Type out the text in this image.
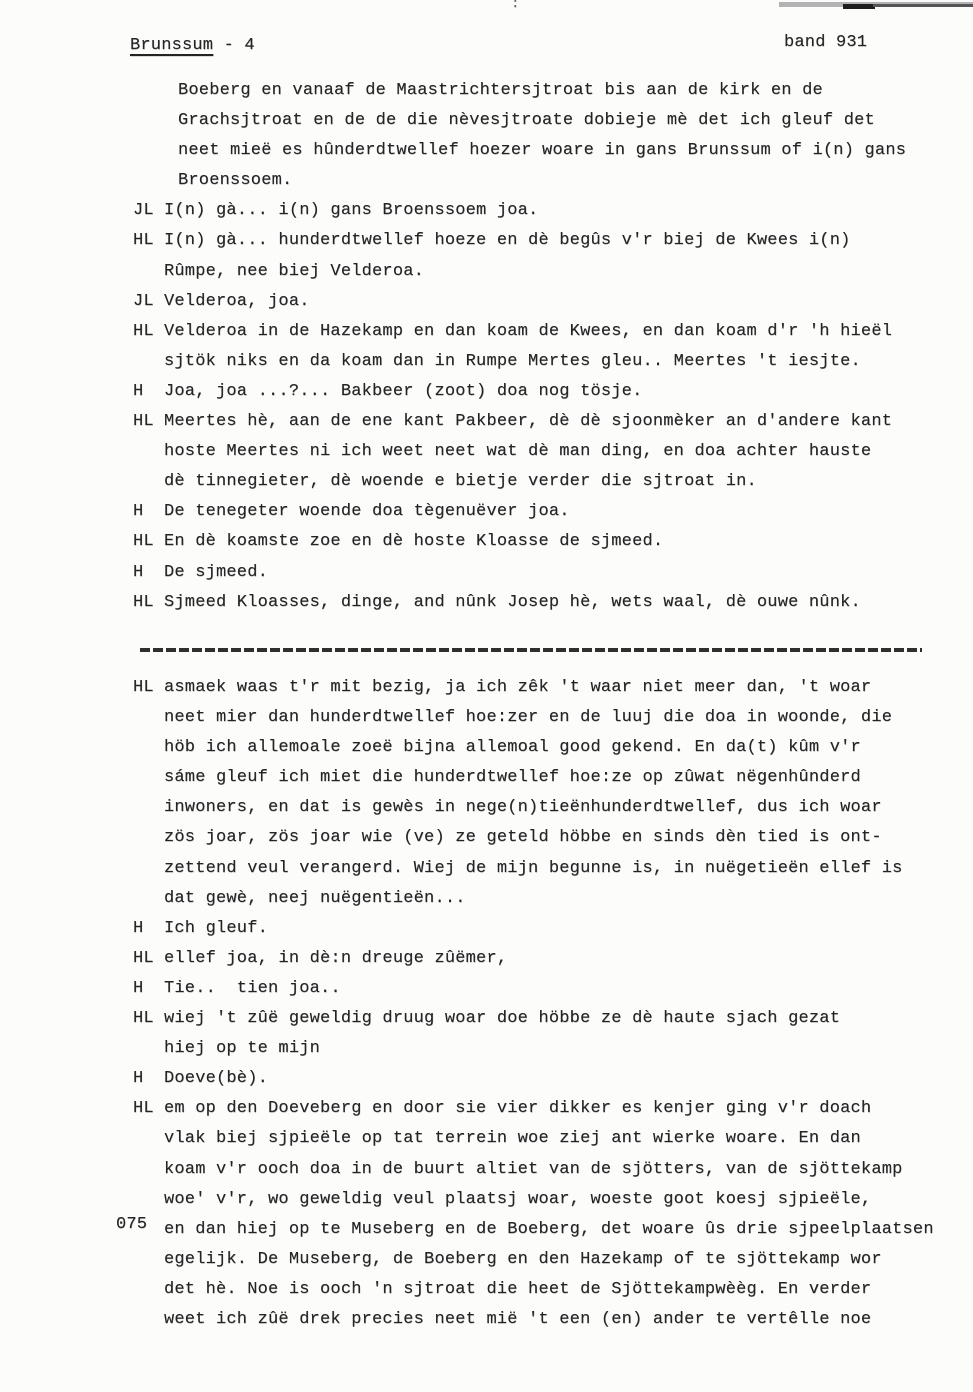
:
Brunssum - 4	band 931
Boeberg en vanaaf de Maastrichtersjtroat bis aan de kirk en de
Grachsjtroat en de de die nèvesjtroate dobieje mè det ich gleuf det
neet mieë es hûnderdtwellef hoezer woare in gans Brunssum of i(n) gans
Broenssoem.
JL I(n) gà... i(n) gans Broenssoem joa.
HL I(n) gà... hunderdtwellef hoeze en dè begûs v'r biej de Kwees i(n)
Rûmpe, nee biej Velderoa.
JL Velderoa, joa.
HL Velderoa in de Hazekamp en dan koam de Kwees, en dan koam d'r 'h hieël
sjtök niks en da koam dan in Rumpe Mertes gleu.. Meertes 't iesjte.
H Joa, joa ...?... Bakbeer (zoot) doa nog tösje.
HL Meertes hè, aan de ene kant Pakbeer, dè dè sjoonmèker an d'andere kant
hoste Meertes ni ich weet neet wat dè man ding, en doa achter hauste
dè tinnegieter, dè woende e bietje verder die sjtroat in.
H De tenegeter woende doa tègenuëver joa.
HL En dè koamste zoe en dè hoste Kloasse de sjmeed.
H De sjmeed.
HL Sjmeed Kloasses, dinge, and nûnk Josep hè, wets waal, dè ouwe nûnk.
HL asmaek waas t'r mit bezig, ja ich zêk 't waar niet meer dan, 't woar
neet mier dan hunderdtwellef hoe:zer en de luuj die doa in woonde, die
höb ich allemoale zoeë bijna allemoal good gekend. En da(t) kûm v'r
sáme gleuf ich miet die hunderdtwellef hoe:ze op zûwat nëgenhûnderd
inwoners, en dat is gewès in nege(n)tieënhunderdtwellef, dus ich woar
zös joar, zös joar wie (ve) ze geteld höbbe en sinds dèn tied is ont-
zettend veul verangerd. Wiej de mijn begunne is, in nuëgetieën ellef is
dat gewè, neej nuëgentieën...
H Ich gleuf.
HL ellef joa, in dè:n dreuge zûëmer,
H Tie..  tien joa..
HL wiej 't zûë geweldig druug woar doe höbbe ze dè haute sjach gezat
hiej op te mijn
H Doeve(bè).
HL em op den Doeveberg en door sie vier dikker es kenjer ging v'r doach
vlak biej sjpieële op tat terrein woe ziej ant wierke woare. En dan
koam v'r ooch doa in de buurt altiet van de sjötters, van de sjöttekamp
woe' v'r, wo geweldig veul plaatsj woar, woeste goot koesj sjpieële,
en dan hiej op te Museberg en de Boeberg, det woare ûs drie sjpeelplaatsen
egelijk. De Museberg, de Boeberg en den Hazekamp of te sjöttekamp wor
det hè. Noe is ooch 'n sjtroat die heet de Sjöttekampwèèg. En verder
weet ich zûë drek precies neet mië 't een (en) ander te vertêlle noe
075
